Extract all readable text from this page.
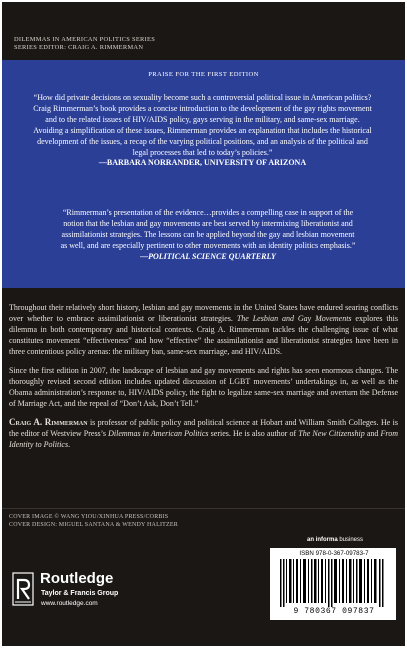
DILEMMAS IN AMERICAN POLITICS SERIES
SERIES EDITOR: CRAIG A. RIMMERMAN
PRAISE FOR THE FIRST EDITION
“How did private decisions on sexuality become such a controversial political issue in American politics? Craig Rimmerman’s book provides a concise introduction to the development of the gay rights movement and to the related issues of HIV/AIDS policy, gays serving in the military, and same-sex marriage. Avoiding a simplification of these issues, Rimmerman provides an explanation that includes the historical development of the issues, a recap of the varying political positions, and an analysis of the political and legal processes that led to today’s policies.”
—BARBARA NORRANDER, UNIVERSITY OF ARIZONA
“Rimmerman’s presentation of the evidence…provides a compelling case in support of the notion that the lesbian and gay movements are best served by intermixing liberationist and assimilationist strategies. The lessons can be applied beyond the gay and lesbian movement as well, and are especially pertinent to other movements with an identity politics emphasis.”
—POLITICAL SCIENCE QUARTERLY

Throughout their relatively short history, lesbian and gay movements in the United States have endured searing conflicts over whether to embrace assimilationist or liberationist strategies. The Lesbian and Gay Movements explores this dilemma in both contemporary and historical contexts. Craig A. Rimmerman tackles the challenging issue of what constitutes movement “effectiveness” and how “effective” the assimilationist and liberationist strategies have been in three contentious policy arenas: the military ban, same-sex marriage, and HIV/AIDS.

Since the first edition in 2007, the landscape of lesbian and gay movements and rights has seen enormous changes. The thoroughly revised second edition includes updated discussion of LGBT movements’ undertakings in, as well as the Obama administration’s response to, HIV/AIDS policy, the fight to legalize same-sex marriage and overturn the Defense of Marriage Act, and the repeal of “Don’t Ask, Don’t Tell.”

Craig A. Rimmerman is professor of public policy and political science at Hobart and William Smith Colleges. He is the editor of Westview Press’s Dilemmas in American Politics series. He is also author of The New Citizenship and From Identity to Politics.

COVER IMAGE © WANG YIOU/XINHUA PRESS/CORBIS
COVER DESIGN: MIGUEL SANTANA & WENDY HALITZER
an informa business
Routledge
Taylor & Francis Group
www.routledge.com
ISBN 978-0-367-09783-7
9 780367 097837
